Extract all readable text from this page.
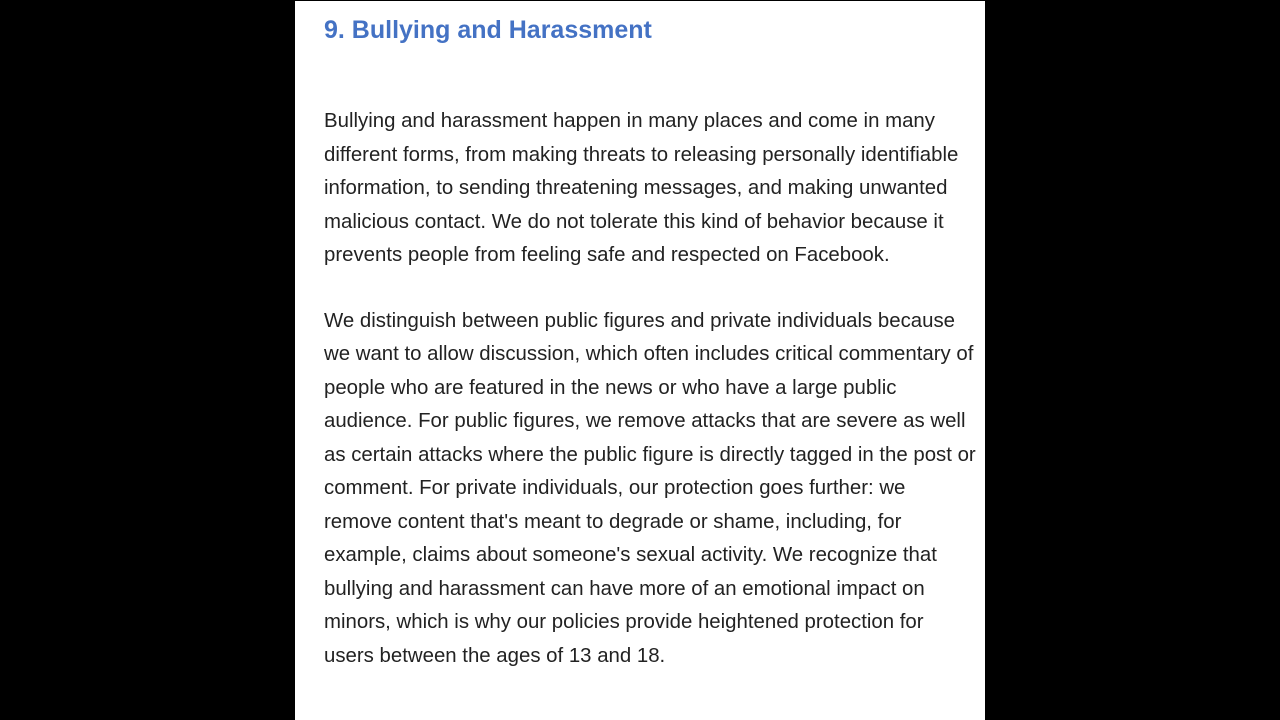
9. Bullying and Harassment

Bullying and harassment happen in many places and come in many different forms, from making threats to releasing personally identifiable information, to sending threatening messages, and making unwanted malicious contact. We do not tolerate this kind of behavior because it prevents people from feeling safe and respected on Facebook.

We distinguish between public figures and private individuals because we want to allow discussion, which often includes critical commentary of people who are featured in the news or who have a large public audience. For public figures, we remove attacks that are severe as well as certain attacks where the public figure is directly tagged in the post or comment. For private individuals, our protection goes further: we remove content that's meant to degrade or shame, including, for example, claims about someone's sexual activity. We recognize that bullying and harassment can have more of an emotional impact on minors, which is why our policies provide heightened protection for users between the ages of 13 and 18.
